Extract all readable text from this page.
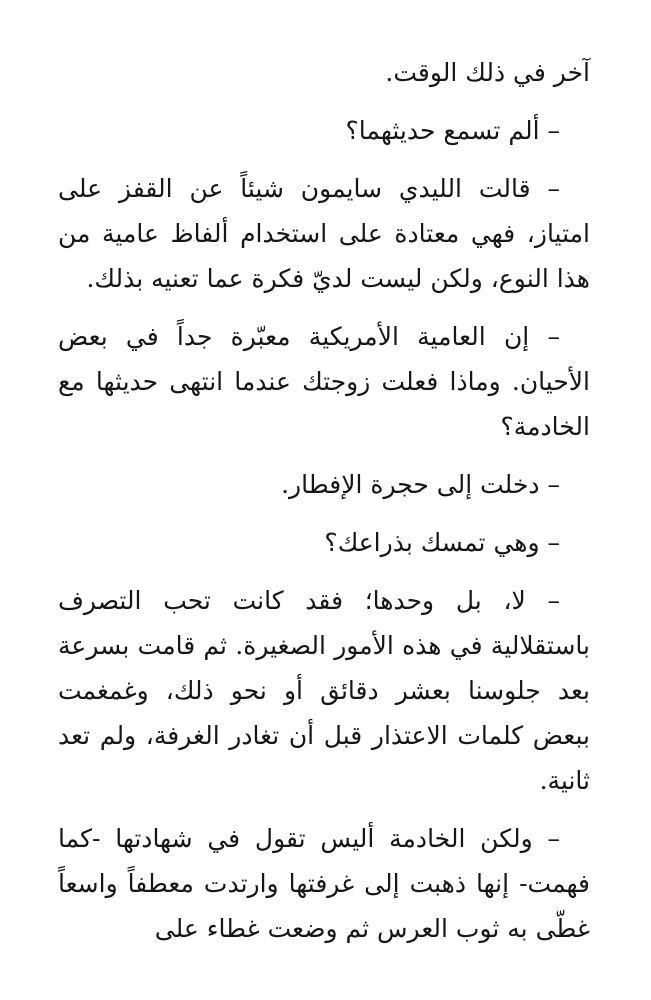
آخر في ذلك الوقت.

– ألم تسمع حديثهما؟

– قالت الليدي سايمون شيئاً عن القفز على امتياز، فهي معتادة على استخدام ألفاظ عامية من هذا النوع، ولكن ليست لديّ فكرة عما تعنيه بذلك.

– إن العامية الأمريكية معبّرة جداً في بعض الأحيان. وماذا فعلت زوجتك عندما انتهى حديثها مع الخادمة؟

– دخلت إلى حجرة الإفطار.

– وهي تمسك بذراعك؟

– لا، بل وحدها؛ فقد كانت تحب التصرف باستقلالية في هذه الأمور الصغيرة. ثم قامت بسرعة بعد جلوسنا بعشر دقائق أو نحو ذلك، وغمغمت ببعض كلمات الاعتذار قبل أن تغادر الغرفة، ولم تعد ثانية.

– ولكن الخادمة أليس تقول في شهادتها -كما فهمت- إنها ذهبت إلى غرفتها وارتدت معطفاً واسعاً غطّى به ثوب العرس ثم وضعت غطاء على
